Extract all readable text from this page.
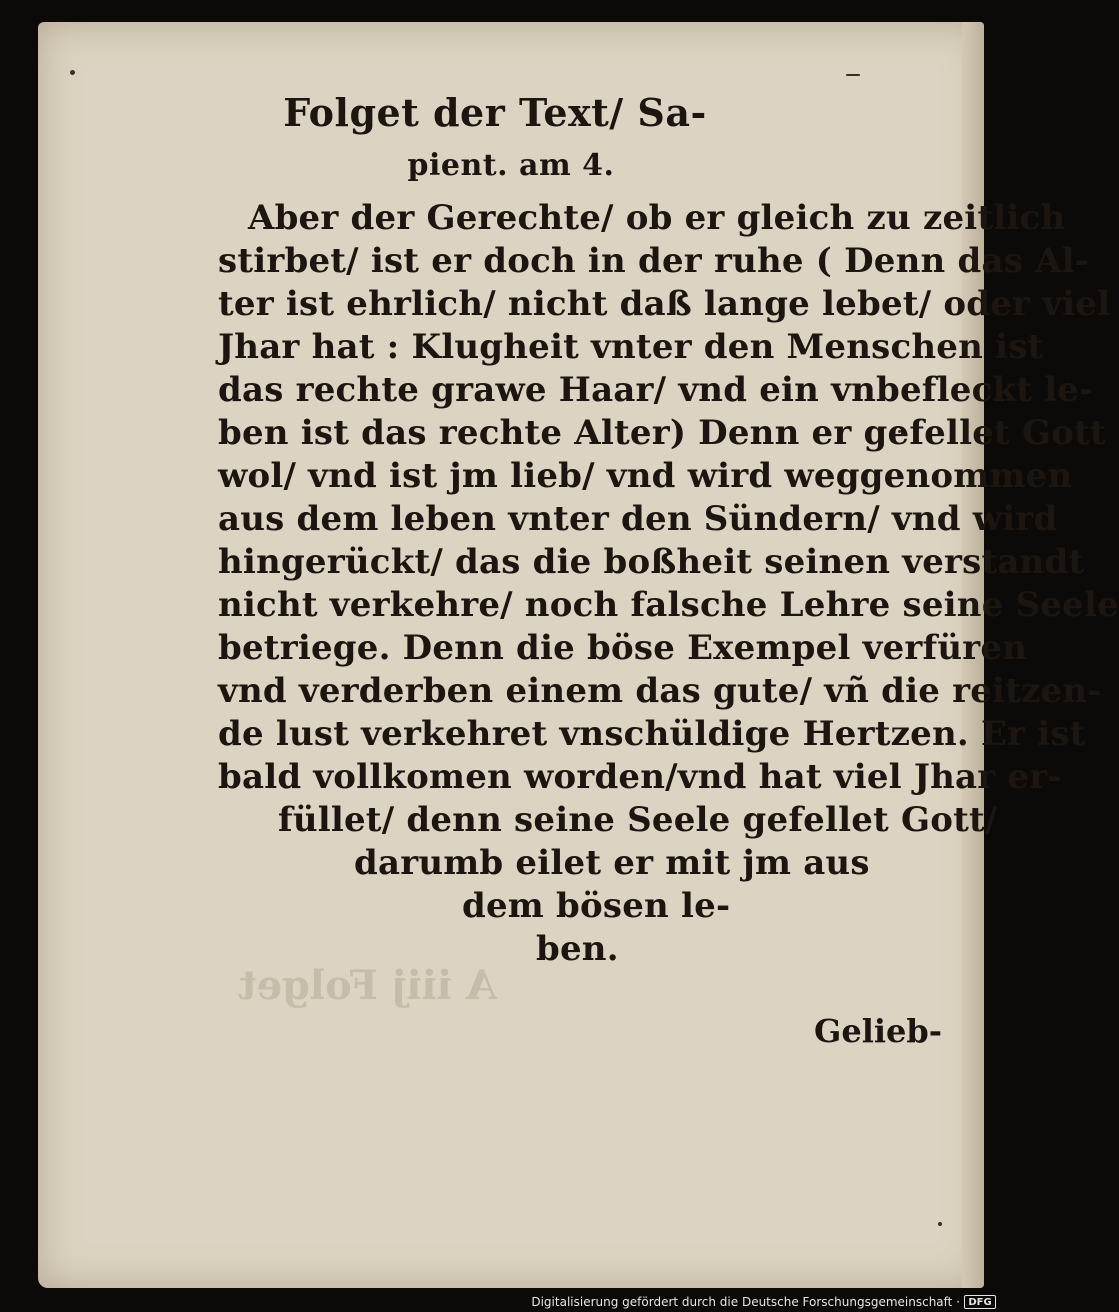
A iiij Folget
Folget der Text/ Sa-
pient. am 4.
Aber der Gerechte/ ob er gleich zu zeitlich
stirbet/ ist er doch in der ruhe ( Denn das Al-
ter ist ehrlich/ nicht daß lange lebet/ oder viel
Jhar hat : Klugheit vnter den Menschen ist
das rechte grawe Haar/ vnd ein vnbefleckt le-
ben ist das rechte Alter) Denn er gefellet Gott
wol/ vnd ist jm lieb/ vnd wird weggenommen
aus dem leben vnter den Sündern/ vnd wird
hingerückt/ das die boßheit seinen verstandt
nicht verkehre/ noch falsche Lehre seine Seele
betriege. Denn die böse Exempel verfüren
vnd verderben einem das gute/ vñ die reitzen-
de lust verkehret vnschüldige Hertzen. Er ist
bald vollkomen worden/vnd hat viel Jhar er-
füllet/ denn seine Seele gefellet Gott/
darumb eilet er mit jm aus
dem bösen le-
ben.
Gelieb-
Digitalisierung gefördert durch die Deutsche Forschungsgemeinschaft · DFG
